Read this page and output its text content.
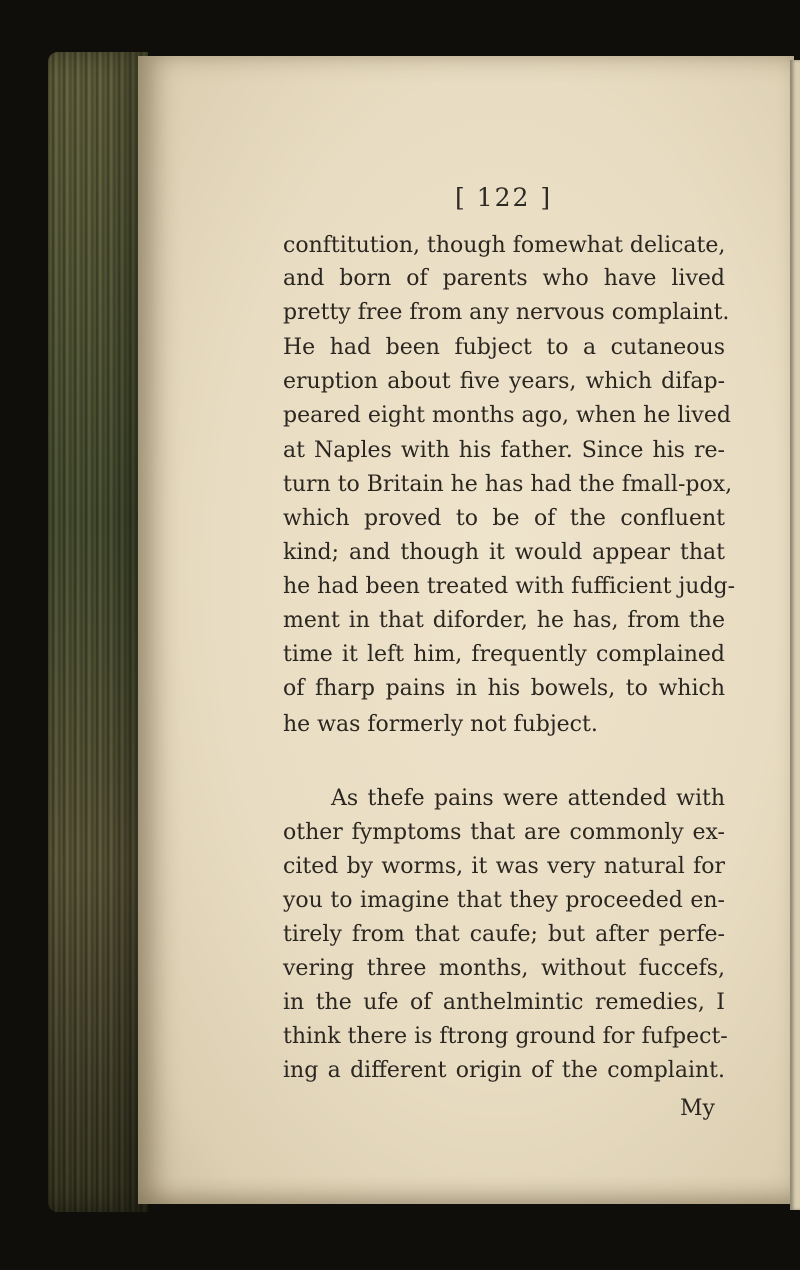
[ 122 ]
conftitution, though fomewhat delicate,
and born of parents who have lived
pretty free from any nervous complaint.
He had been fubject to a cutaneous
eruption about five years, which difap-
peared eight months ago, when he lived
at Naples with his father. Since his re-
turn to Britain he has had the fmall-pox,
which proved to be of the confluent
kind; and though it would appear that
he had been treated with fufficient judg-
ment in that diforder, he has, from the
time it left him, frequently complained
of fharp pains in his bowels, to which
he was formerly not fubject.
As thefe pains were attended with
other fymptoms that are commonly ex-
cited by worms, it was very natural for
you to imagine that they proceeded en-
tirely from that caufe; but after perfe-
vering three months, without fuccefs,
in the ufe of anthelmintic remedies, I
think there is ftrong ground for fufpect-
ing a different origin of the complaint.
My
